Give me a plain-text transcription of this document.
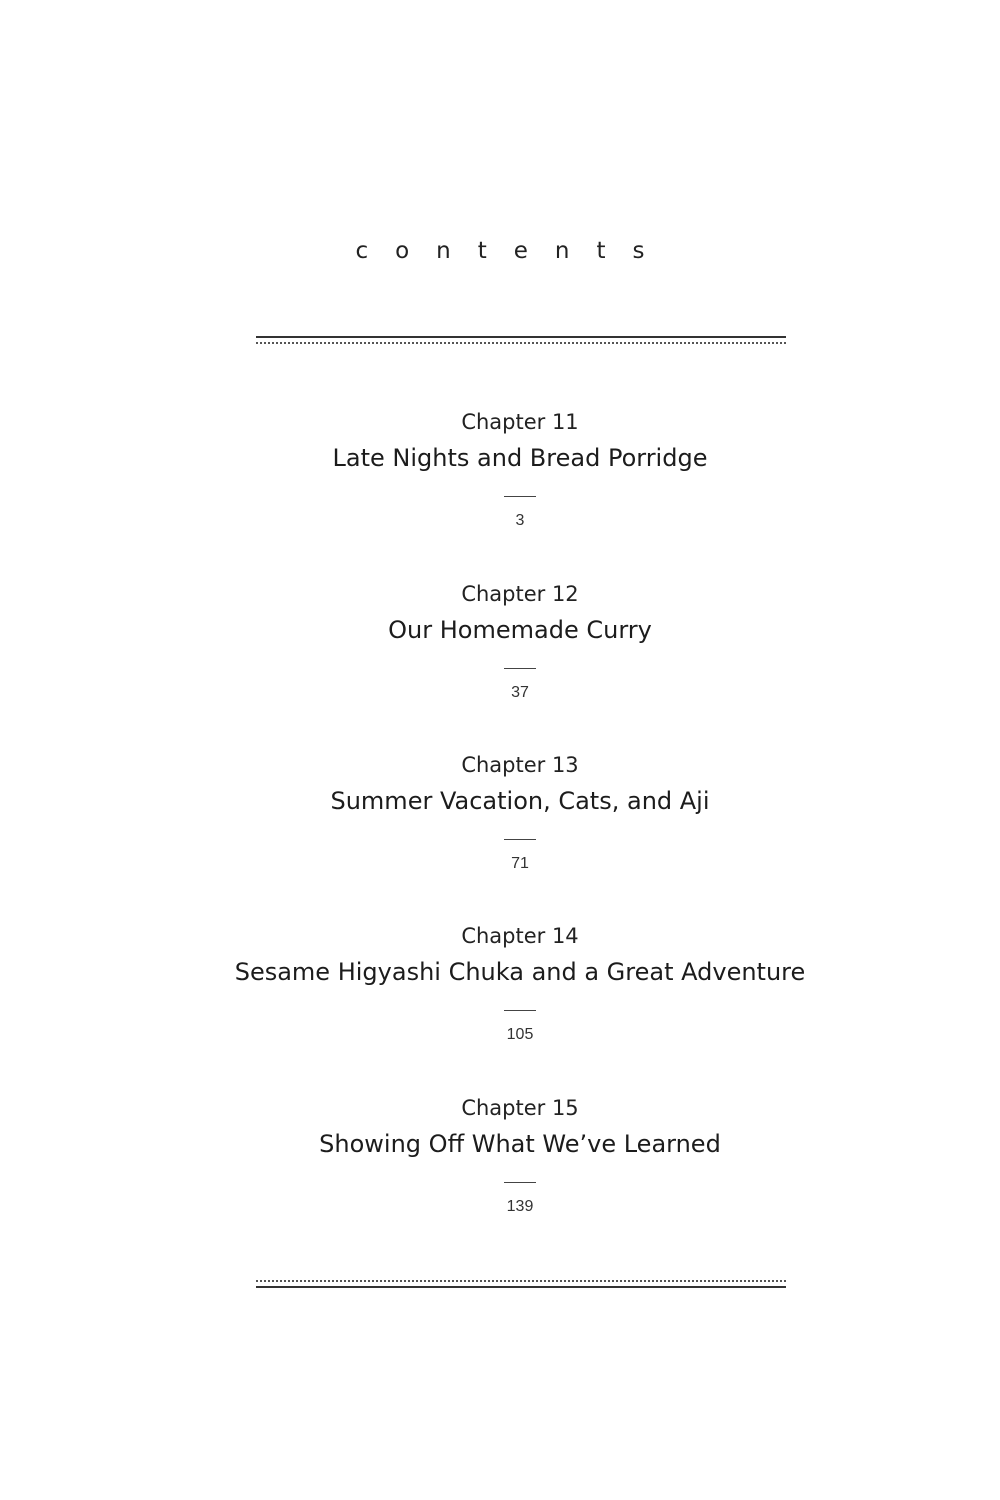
contents
Chapter 11
Late Nights and Bread Porridge
3
Chapter 12
Our Homemade Curry
37
Chapter 13
Summer Vacation, Cats, and Aji
71
Chapter 14
Sesame Higyashi Chuka and a Great Adventure
105
Chapter 15
Showing Off What We’ve Learned
139
